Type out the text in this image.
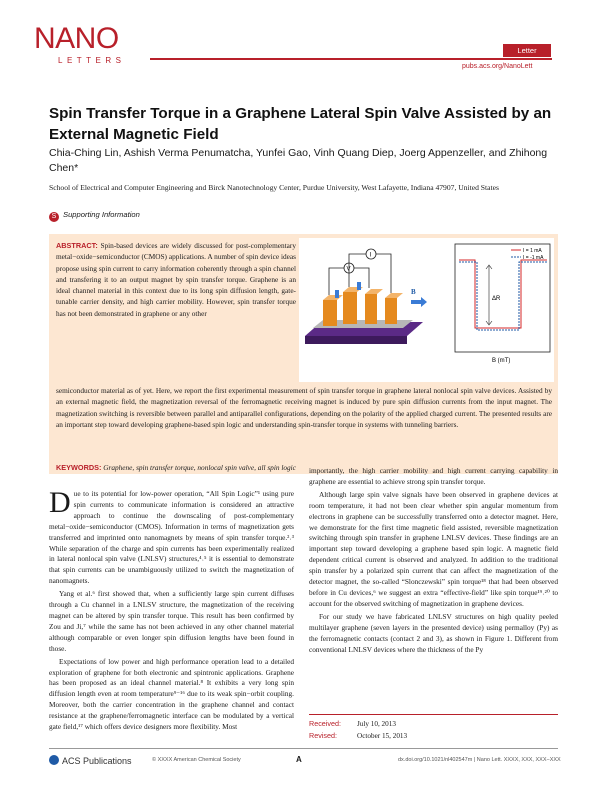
NANO
LETTERS
Letter
pubs.acs.org/NanoLett
Spin Transfer Torque in a Graphene Lateral Spin Valve Assisted by an External Magnetic Field
Chia-Ching Lin, Ashish Verma Penumatcha, Yunfei Gao, Vinh Quang Diep, Joerg Appenzeller, and Zhihong Chen*
School of Electrical and Computer Engineering and Birck Nanotechnology Center, Purdue University, West Lafayette, Indiana 47907, United States
S Supporting Information
ABSTRACT: Spin-based devices are widely discussed for post-complementary metal−oxide−semiconductor (CMOS) applications. A number of spin device ideas propose using spin current to carry information coherently through a spin channel and transfering it to an output magnet by spin transfer torque. Graphene is an ideal channel material in this context due to its long spin diffusion length, gate-tunable carrier density, and high carrier mobility. However, spin transfer torque has not been demonstrated in graphene or any other
semiconductor material as of yet. Here, we report the first experimental measurement of spin transfer torque in graphene lateral nonlocal spin valve devices. Assisted by an external magnetic field, the magnetization reversal of the ferromagnetic receiving magnet is induced by pure spin diffusion currents from the input magnet. The magnetization switching is reversible between parallel and antiparallel configurations, depending on the polarity of the applied charged current. The presented results are an important step toward developing graphene-based spin logic and understanding spin-transfer torque in systems with tunneling barriers.
KEYWORDS: Graphene, spin transfer torque, nonlocal spin valve, all spin logic
V
I
B
ΔR
I = 1 mA
I = -1 mA
B (mT)

Due to its potential for low-power operation, “All Spin Logic”¹ using pure spin currents to communicate information is considered an attractive approach to continue the downscaling of post-complementary metal−oxide−semiconductor (CMOS). Information in terms of magnetization gets transferred and imprinted onto nanomagnets by means of spin transfer torque.²˒³ While separation of the charge and spin currents has been experimentally realized in lateral nonlocal spin valve (LNLSV) structures,⁴˒⁵ it is essential to demonstrate that spin currents can be unambiguously utilized to switch the magnetization of nanomagnets.

Yang et al.⁶ first showed that, when a sufficiently large spin current diffuses through a Cu channel in a LNLSV structure, the magnetization of the receiving magnet can be altered by spin transfer torque. This result has been confirmed by Zou and Ji,⁷ while the same has not been achieved in any other channel material although comparable or even longer spin diffusion lengths have been found in those.

Expectations of low power and high performance operation lead to a detailed exploration of graphene for both electronic and spintronic applications. Graphene has been proposed as an ideal channel material.⁸ It exhibits a very long spin diffusion length even at room temperature⁹⁻¹⁶ due to its weak spin−orbit coupling. Moreover, both the carrier concentration in the graphene channel and contact resistance at the graphene/ferromagnetic interface can be modulated by a vertical gate field,¹⁷ which offers device designers more flexibility. Most

importantly, the high carrier mobility and high current carrying capability in graphene are essential to achieve strong spin transfer torque.

Although large spin valve signals have been observed in graphene devices at room temperature, it had not been clear whether spin angular momentum from electrons in graphene can be successfully transferred onto a detector magnet. Here, we demonstrate for the first time magnetic field assisted, reversible magnetization switching through spin transfer in graphene LNLSV devices. These findings are an important step toward developing a graphene based spin logic. A magnetic field dependent critical current is observed and analyzed. In addition to the traditional spin transfer by a polarized spin current that can affect the magnetization of the detector magnet, the so-called “Slonczewski” spin torque¹⁸ that had been observed before in Cu devices,⁶ we suggest an extra “effective-field” like spin torque¹⁹˒²⁰ to account for the observed switching of magnetization in graphene devices.

For our study we have fabricated LNLSV structures on high quality peeled multilayer graphene (seven layers in the presented device) using permalloy (Py) as the ferromagnetic contacts (contact 2 and 3), as shown in Figure 1. Different from conventional LNLSV devices where the thickness of the Py

Received: July 10, 2013
Revised:	October 15, 2013
ACS Publications	© XXXX American Chemical Society	A	dx.doi.org/10.1021/nl402547m | Nano Lett. XXXX, XXX, XXX−XXX
